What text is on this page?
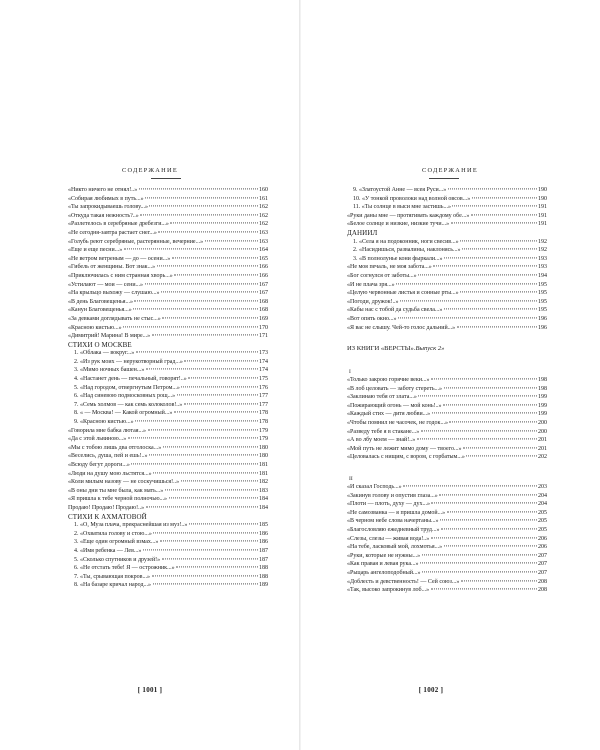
СОДЕРЖАНИЕ
«Никто ничего не отнял!..»	160
«Собирая любимых в путь...»	161
«Ты запрокидываешь голову...»	162
«Откуда такая нежность?..»	162
«Разлетелось в серебряные дребезги...»	162
«Не сегодня-завтра растает снег...»	163
«Голубь реют серебряные, растерянные, вечерние...»	163
«Еще и еще песни...»	164
«Не ветром ветреным — до — осени...»	165
«Гибель от женщины. Вот знак...»	166
«Приключилась с ним странная хворь...»	166
«Устилают — мои — сени...»	167
«На крыльцо выхожу — слушаю...»	167
«В день Благовещенья...»	168
«Канун Благовещенья...»	168
«За девками доглядывать не стыс...»	169
«Красною кистью...»	170
«Димитрий! Марина! В мире...»	171
СТИХИ О МОСКВЕ
1. «Облака — вокруг...»	173
2. «Из рук моих — нерукотворный град...»	174
3. «Мимо ночных башен...»	174
4. «Настанет день — печальный, говорят!..»	175
5. «Над городом, отвергнутым Петром...»	176
6. «Над синевою подмосковных рощ...»	177
7. «Семь холмов — как семь колоколов!..»	177
8. « — Москва! — Какой огромный...»	178
9. «Красною кистью...»	178
«Говорила мне бабка лютая...»	179
«Да с этой львиною...»	179
«Мы с тобою лишь два отголоска...»	180
«Веселись, душа, пей и ешь!..»	180
«Всюду бегут дороги...»	181
«Люди на душу мою льстятся...»	181
«Коли милым назову — не соскучишься!..»	182
«В оны дни ты мне была, как мать...»	183
«Я пришла к тебе черной полночью...»	184
Продаю! Продаю! Продаю!..»	184
СТИХИ К АХМАТОВОЙ
1. «О, Муза плача, прекраснейшая из муз!..»	185
2. «Охватила голову и стою...»	186
3. «Еще один огромный взмах...»	186
4. «Имя ребенка — Лев...»	187
5. «Сколько спутников и друзей!»	187
6. «Не отстать тебе! Я — острожник...»	188
7. «Ты, срывающая покров...»	188
8. «На базаре кричал народ...»	189
[ 1001 ]
СОДЕРЖАНИЕ
9. «Златоустой Анне — всея Руси...»	190
10. «У тонкой проволоки над волной овсов...»	190
11. «Ты солнце в выси мне застишь...»	191
«Руки даны мне — протягивать каждому обе...»	191
«Белое солнце и низкие, низкие тучи...»	191
ДАНИИЛ
1. «Села я на подоконник, ноги свесив...»	192
2. «Насидишься, развалины, наклонясь...»	192
3. «В полнолунье кони фыркали...»	193
«Не моя печаль, не моя забота...»	193
«Бог согнулся от заботы...»	194
«И не плача зря...»	195
«Целую червонные листья и сонные рты...»	195
«Погоди, дружок!..»	195
«Кабы нас с тобой да судьба свела...»	195
«Вот опять окно...»	196
«Я вас не слышу. Чей-то голос дальний...»	196
ИЗ КНИГИ «ВЕРСТЫ». Выпуск 2»
I
«Только закрою горячие веки...»	198
«В лоб целовать — заботу стереть...»	198
«Заклинаю тебя от злата...»	199
«Пожирающий огонь — мой конь!..»	199
«Каждый стих — дитя любви...»	199
«Чтобы помнил не часочек, не годок...»	200
«Разведу тебе я в стакане...»	200
«А во лбу моем — знай!..»	201
«Мой путь не лежит мимо дому — твоего...»	201
«Целовалась с нищим, с вором, с горбатым...»	202
II
«И сказал Господь...»	203
«Закинув голову и опустив глаза...»	204
«Плоти — плоть, духу — дух...»	204
«Не самозванка — я пришла домой...»	205
«В черном небе слова начертаны...»	205
«Благословляю ежедневный труд...»	205
«Слезы, слезы — живая вода!..»	206
«На тебе, ласковый мой, лохмотья...»	206
«Руки, которые не нужны...»	207
«Как правая и левая рука...»	207
«Рыцарь ангелоподобный...»	207
«Доблесть и девственность! — Сей союз...»	208
«Так, высоко запрокинув лоб...»	208
[ 1002 ]
